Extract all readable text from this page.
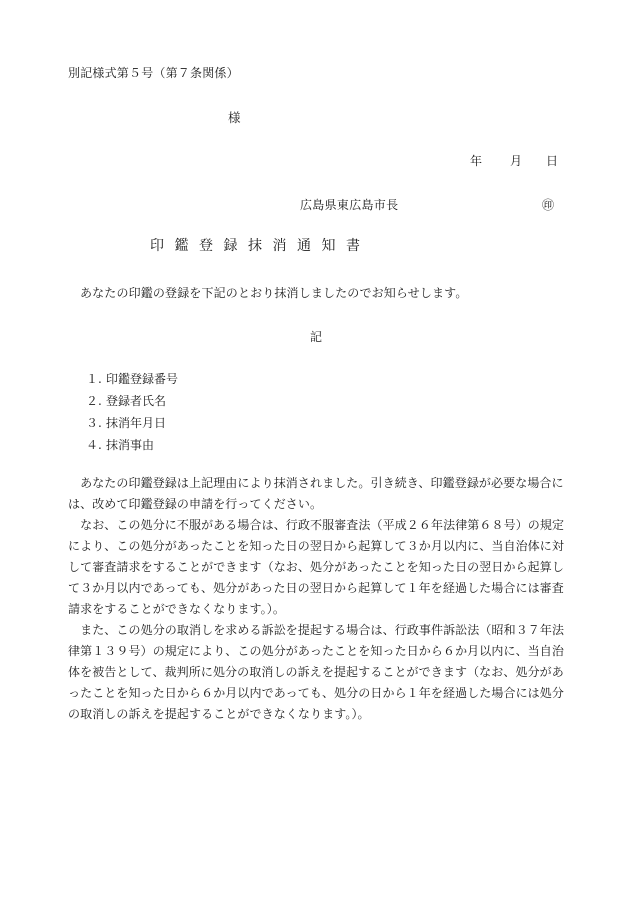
別記様式第５号（第７条関係）
様
年 月 日
広島県東広島市長	㊞
印鑑登録抹消通知書
あなたの印鑑の登録を下記のとおり抹消しましたのでお知らせします。
記
１. 印鑑登録番号
２. 登録者氏名
３. 抹消年月日
４. 抹消事由
　あなたの印鑑登録は上記理由により抹消されました。引き続き、印鑑登録が必要な場合に
は、改めて印鑑登録の申請を行ってください。
　なお、この処分に不服がある場合は、行政不服審査法（平成２６年法律第６８号）の規定
により、この処分があったことを知った日の翌日から起算して３か月以内に、当自治体に対
して審査請求をすることができます（なお、処分があったことを知った日の翌日から起算し
て３か月以内であっても、処分があった日の翌日から起算して１年を経過した場合には審査
請求をすることができなくなります。）。
　また、この処分の取消しを求める訴訟を提起する場合は、行政事件訴訟法（昭和３７年法
律第１３９号）の規定により、この処分があったことを知った日から６か月以内に、当自治
体を被告として、裁判所に処分の取消しの訴えを提起することができます（なお、処分があ
ったことを知った日から６か月以内であっても、処分の日から１年を経過した場合には処分
の取消しの訴えを提起することができなくなります。）。
